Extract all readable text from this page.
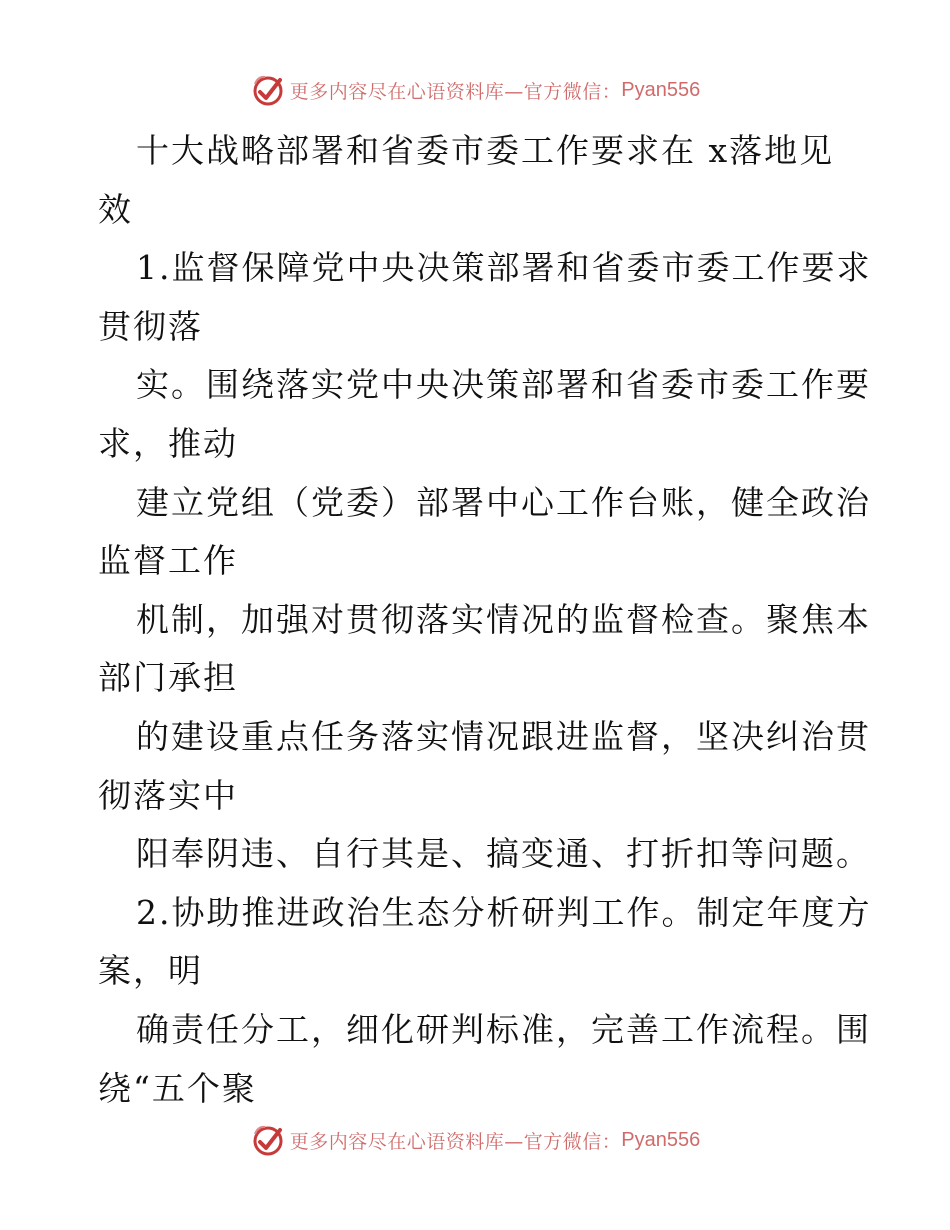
更多内容尽在心语资料库—官方微信： Pyan556
十大战略部署和省委市委工作要求在 x落地见
效
1.监督保障党中央决策部署和省委市委工作要求
贯彻落
实。围绕落实党中央决策部署和省委市委工作要
求，推动
建立党组（党委）部署中心工作台账，健全政治
监督工作
机制，加强对贯彻落实情况的监督检查。聚焦本
部门承担
的建设重点任务落实情况跟进监督，坚决纠治贯
彻落实中
阳奉阴违、自行其是、搞变通、打折扣等问题。
2.协助推进政治生态分析研判工作。制定年度方
案，明
确责任分工，细化研判标准，完善工作流程。围
绕“五个聚
更多内容尽在心语资料库—官方微信： Pyan556
